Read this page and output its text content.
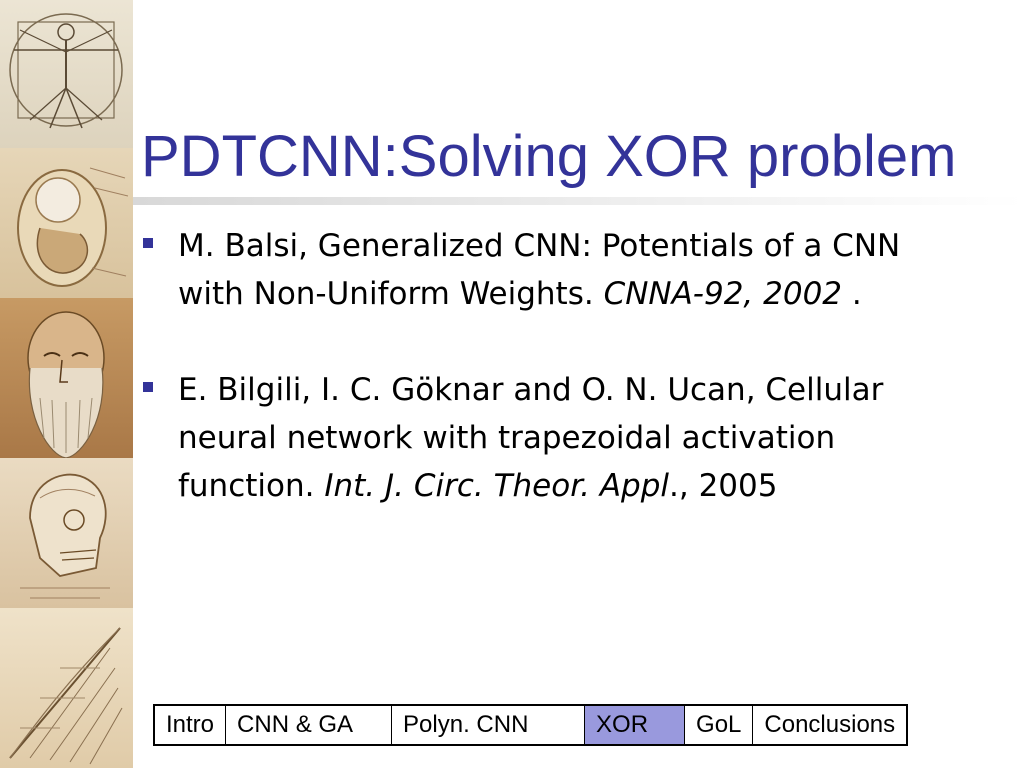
PDTCNN:Solving XOR problem
M. Balsi, Generalized CNN: Potentials of a CNN with Non-Uniform Weights. CNNA-92, 2002 .
E. Bilgili, I. C. Göknar and O. N. Ucan, Cellular neural network with trapezoidal activation function. Int. J. Circ. Theor. Appl., 2005
Intro CNN & GA	Polyn. CNN	XOR	GoL Conclusions
